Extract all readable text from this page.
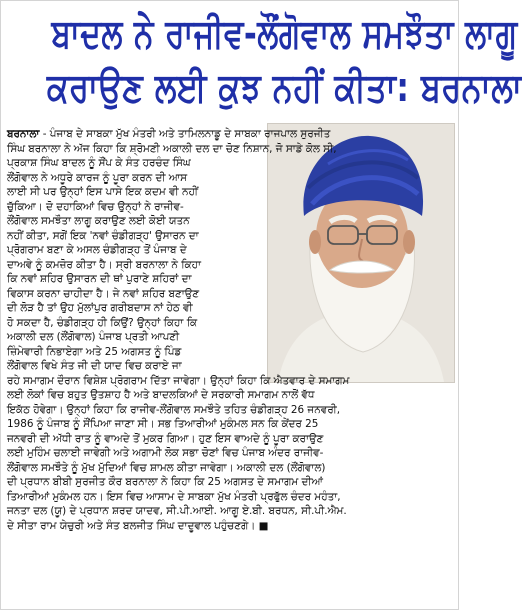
ਬਾਦਲ ਨੇ ਰਾਜੀਵ-ਲੌਂਗੋਵਾਲ ਸਮਝੌਤਾ ਲਾਗੂ
ਕਰਾਉਣ ਲਈ ਕੁਝ ਨਹੀਂ ਕੀਤਾ: ਬਰਨਾਲਾ
ਬਰਨਾਲਾ - ਪੰਜਾਬ ਦੇ ਸਾਬਕਾ ਮੁੱਖ ਮੰਤਰੀ ਅਤੇ ਤਾਮਿਲਨਾਡੂ ਦੇ ਸਾਬਕਾ ਰਾਜਪਾਲ ਸੁਰਜੀਤ
ਸਿੰਘ ਬਰਨਾਲਾ ਨੇ ਅੱਜ ਕਿਹਾ ਕਿ ਸ਼੍ਰੋਮਣੀ ਅਕਾਲੀ ਦਲ ਦਾ ਚੋਣ ਨਿਸ਼ਾਨ, ਜੋ ਸਾਡੇ ਕੋਲ ਸੀ,
ਪ੍ਰਕਾਸ਼ ਸਿੰਘ ਬਾਦਲ ਨੂੰ ਸੌਂਪ ਕੇ ਸੰਤ ਹਰਚੰਦ ਸਿੰਘ
ਲੌਂਗੋਵਾਲ ਨੇ ਅਧੂਰੇ ਕਾਰਜ ਨੂੰ ਪੂਰਾ ਕਰਨ ਦੀ ਆਸ
ਲਾਈ ਸੀ ਪਰ ਉਨ੍ਹਾਂ ਇਸ ਪਾਸੇ ਇਕ ਕਦਮ ਵੀ ਨਹੀਂ
ਚੁੱਕਿਆ। ਦੋ ਦਹਾਕਿਆਂ ਵਿਚ ਉਨ੍ਹਾਂ ਨੇ ਰਾਜੀਵ-
ਲੌਂਗੋਵਾਲ ਸਮਝੌਤਾ ਲਾਗੂ ਕਰਾਉਣ ਲਈ ਕੋਈ ਯਤਨ
ਨਹੀਂ ਕੀਤਾ, ਸਗੋਂ ਇਕ 'ਨਵਾਂ ਚੰਡੀਗੜ੍ਹ' ਉਸਾਰਨ ਦਾ
ਪ੍ਰੋਗਰਾਮ ਬਣਾ ਕੇ ਅਸਲ ਚੰਡੀਗੜ੍ਹ ਤੋਂ ਪੰਜਾਬ ਦੇ
ਦਾਅਵੇ ਨੂੰ ਕਮਜ਼ੋਰ ਕੀਤਾ ਹੈ। ਸ੍ਰੀ ਬਰਨਾਲਾ ਨੇ ਕਿਹਾ
ਕਿ ਨਵਾਂ ਸ਼ਹਿਰ ਉਸਾਰਨ ਦੀ ਥਾਂ ਪੁਰਾਣੇ ਸ਼ਹਿਰਾਂ ਦਾ
ਵਿਕਾਸ ਕਰਨਾ ਚਾਹੀਦਾ ਹੈ। ਜੇ ਨਵਾਂ ਸ਼ਹਿਰ ਬਣਾਉਣ
ਦੀ ਲੋੜ ਹੈ ਤਾਂ ਉਹ ਮੁੱਲਾਂਪੁਰ ਗਰੀਬਦਾਸ ਨਾਂ ਹੇਠ ਵੀ
ਹੋ ਸਕਦਾ ਹੈ, ਚੰਡੀਗੜ੍ਹ ਹੀ ਕਿਉਂ? ਉਨ੍ਹਾਂ ਕਿਹਾ ਕਿ
ਅਕਾਲੀ ਦਲ (ਲੌਂਗੋਵਾਲ) ਪੰਜਾਬ ਪ੍ਰਤੀ ਆਪਣੀ
ਜ਼ਿੰਮੇਵਾਰੀ ਨਿਭਾਏਗਾ ਅਤੇ 25 ਅਗਸਤ ਨੂੰ ਪਿੰਡ
ਲੌਂਗੋਵਾਲ ਵਿਖੇ ਸੰਤ ਜੀ ਦੀ ਯਾਦ ਵਿਚ ਕਰਾਏ ਜਾ
ਰਹੇ ਸਮਾਗਮ ਦੌਰਾਨ ਵਿਸ਼ੇਸ਼ ਪ੍ਰੋਗਰਾਮ ਦਿੱਤਾ ਜਾਵੇਗਾ। ਉਨ੍ਹਾਂ ਕਿਹਾ ਕਿ ਐਤਵਾਰ ਦੇ ਸਮਾਗਮ
ਲਈ ਲੋਕਾਂ ਵਿਚ ਬਹੁਤ ਉਤਸ਼ਾਹ ਹੈ ਅਤੇ ਬਾਦਲਕਿਆਂ ਦੇ ਸਰਕਾਰੀ ਸਮਾਗਮ ਨਾਲੋਂ ਵੱਧ
ਇਕੱਠ ਹੋਵੇਗਾ। ਉਨ੍ਹਾਂ ਕਿਹਾ ਕਿ ਰਾਜੀਵ-ਲੌਂਗੋਵਾਲ ਸਮਝੌਤੇ ਤਹਿਤ ਚੰਡੀਗੜ੍ਹ 26 ਜਨਵਰੀ,
1986 ਨੂੰ ਪੰਜਾਬ ਨੂੰ ਸੌਂਪਿਆ ਜਾਣਾ ਸੀ। ਸਭ ਤਿਆਰੀਆਂ ਮੁਕੰਮਲ ਸਨ ਕਿ ਕੇਂਦਰ 25
ਜਨਵਰੀ ਦੀ ਅੱਧੀ ਰਾਤ ਨੂੰ ਵਾਅਦੇ ਤੋਂ ਮੁਕਰ ਗਿਆ। ਹੁਣ ਇਸ ਵਾਅਦੇ ਨੂੰ ਪੂਰਾ ਕਰਾਉਣ
ਲਈ ਮੁਹਿੰਮ ਚਲਾਈ ਜਾਵੇਗੀ ਅਤੇ ਅਗਾਮੀ ਲੋਕ ਸਭਾ ਚੋਣਾਂ ਵਿਚ ਪੰਜਾਬ ਅੰਦਰ ਰਾਜੀਵ-
ਲੌਂਗੋਵਾਲ ਸਮਝੌਤੇ ਨੂੰ ਮੁੱਖ ਮੁੱਦਿਆਂ ਵਿਚ ਸ਼ਾਮਲ ਕੀਤਾ ਜਾਵੇਗਾ। ਅਕਾਲੀ ਦਲ (ਲੌਂਗੋਵਾਲ)
ਦੀ ਪ੍ਰਧਾਨ ਬੀਬੀ ਸੁਰਜੀਤ ਕੌਰ ਬਰਨਾਲਾ ਨੇ ਕਿਹਾ ਕਿ 25 ਅਗਸਤ ਦੇ ਸਮਾਗਮ ਦੀਆਂ
ਤਿਆਰੀਆਂ ਮੁਕੰਮਲ ਹਨ। ਇਸ ਵਿਚ ਆਸਾਮ ਦੇ ਸਾਬਕਾ ਮੁੱਖ ਮੰਤਰੀ ਪ੍ਰਫੁੱਲ ਚੰਦਰ ਮਹੰਤਾ,
ਜਨਤਾ ਦਲ (ਯੂ) ਦੇ ਪ੍ਰਧਾਨ ਸ਼ਰਦ ਯਾਦਵ, ਸੀ.ਪੀ.ਆਈ. ਆਗੂ ਏ.ਬੀ. ਬਰਧਨ, ਸੀ.ਪੀ.ਐਮ.
ਦੇ ਸੀਤਾ ਰਾਮ ਯੇਚੁਰੀ ਅਤੇ ਸੰਤ ਬਲਜੀਤ ਸਿੰਘ ਦਾਦੂਵਾਲ ਪਹੁੰਚਣਗੇ। ■
